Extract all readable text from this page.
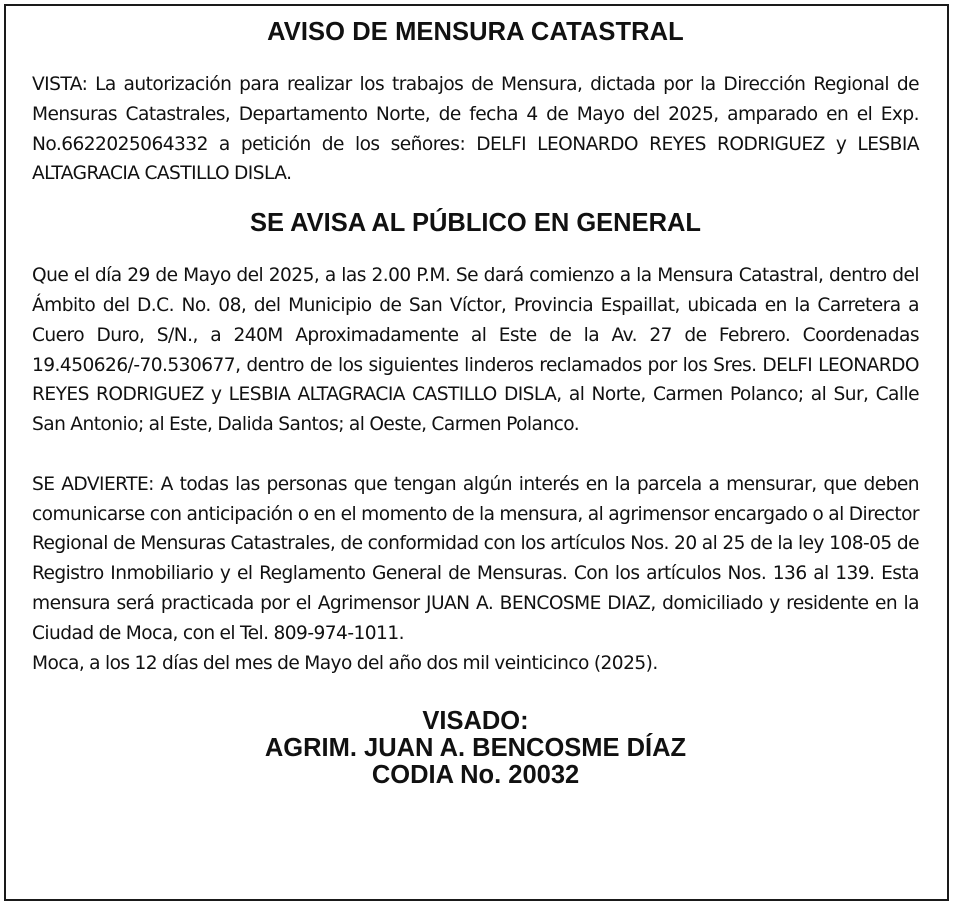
AVISO DE MENSURA CATASTRAL

VISTA: La autorización para realizar los trabajos de Mensura, dictada por la Dirección Regional de Mensuras Catastrales, Departamento Norte, de fecha 4 de Mayo del 2025, amparado en el Exp. No.6622025064332 a petición de los señores: DELFI LEONARDO REYES RODRIGUEZ y LESBIA ALTAGRACIA CASTILLO DISLA.

SE AVISA AL PÚBLICO EN GENERAL

Que el día 29 de Mayo del 2025, a las 2.00 P.M. Se dará comienzo a la Mensura Catastral, dentro del Ámbito del D.C. No. 08, del Municipio de San Víctor, Provincia Espaillat, ubicada en la Carretera a Cuero Duro, S/N., a 240M Aproximadamente al Este de la Av. 27 de Febrero. Coordenadas 19.450626/-70.530677, dentro de los siguientes linderos reclamados por los Sres. DELFI LEONARDO REYES RODRIGUEZ y LESBIA ALTAGRACIA CASTILLO DISLA, al Norte, Carmen Polanco; al Sur, Calle San Antonio; al Este, Dalida Santos; al Oeste, Carmen Polanco.

SE ADVIERTE: A todas las personas que tengan algún interés en la parcela a mensurar, que deben comunicarse con anticipación o en el momento de la mensura, al agrimensor encargado o al Director Regional de Mensuras Catastrales, de conformidad con los artículos Nos. 20 al 25 de la ley 108-05 de Registro Inmobiliario y el Reglamento General de Mensuras. Con los artículos Nos. 136 al 139. Esta mensura será practicada por el Agrimensor JUAN A. BENCOSME DIAZ, domiciliado y residente en la Ciudad de Moca, con el Tel. 809-974-1011.

Moca, a los 12 días del mes de Mayo del año dos mil veinticinco (2025).

VISADO:
AGRIM. JUAN A. BENCOSME DÍAZ
CODIA No. 20032
